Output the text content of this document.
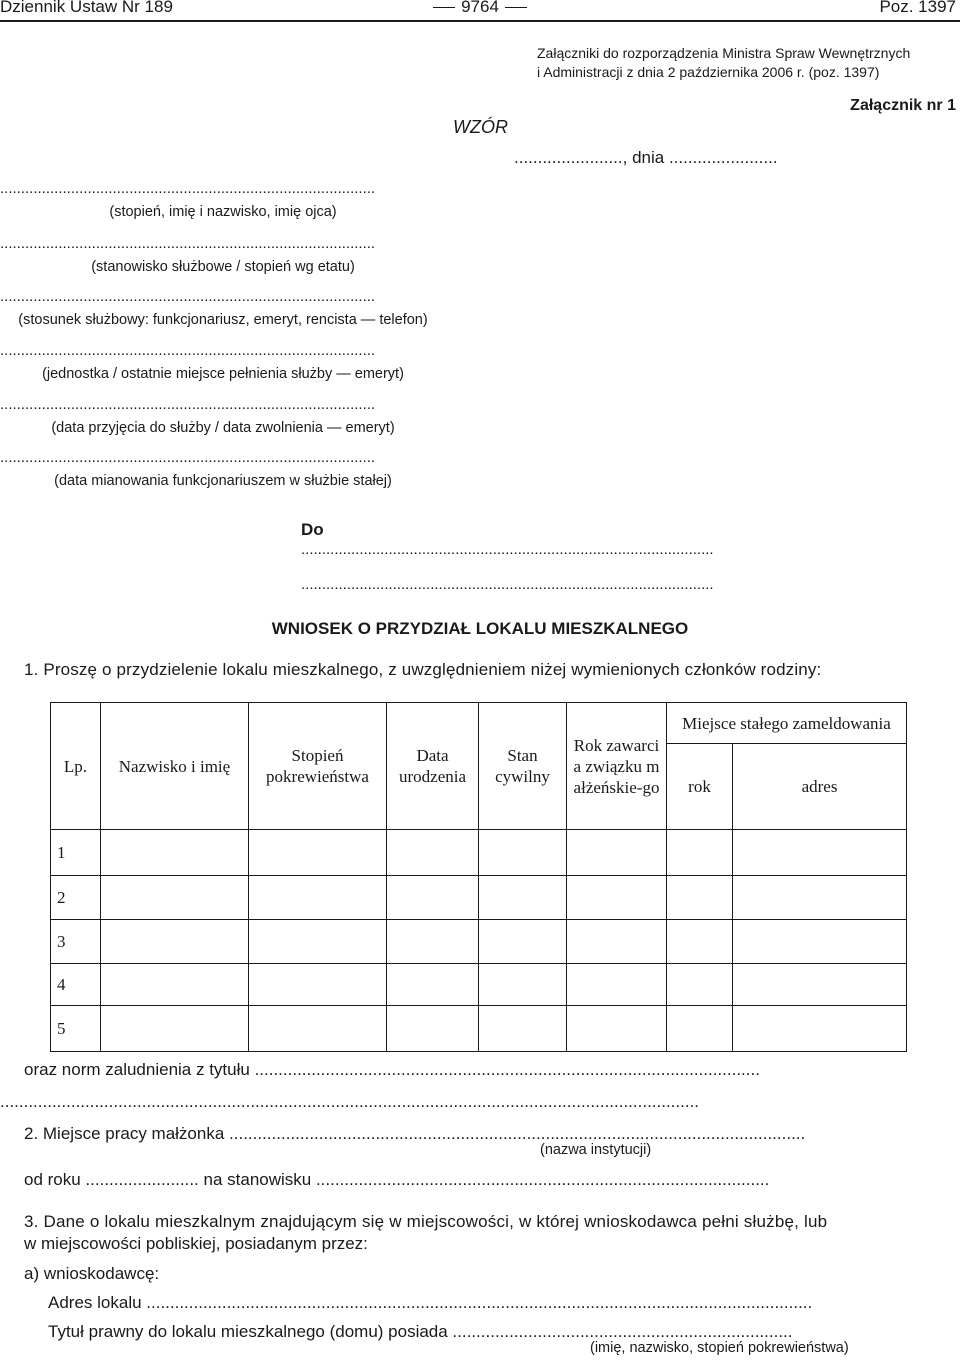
Dziennik Ustaw Nr 189	9764	Poz. 1397
Załączniki do rozporządzenia Ministra Spraw Wewnętrznych
i Administracji z dnia 2 października 2006 r. (poz. 1397)
Załącznik nr 1
WZÓR
......................., dnia .......................
..........................................................................................
(stopień, imię i nazwisko, imię ojca)
..........................................................................................
(stanowisko służbowe / stopień wg etatu)
..........................................................................................
(stosunek służbowy: funkcjonariusz, emeryt, rencista — telefon)
..........................................................................................
(jednostka / ostatnie miejsce pełnienia służby — emeryt)
..........................................................................................
(data przyjęcia do służby / data zwolnienia — emeryt)
..........................................................................................
(data mianowania funkcjonariuszem w służbie stałej)
Do
...................................................................................................
...................................................................................................
WNIOSEK O PRZYDZIAŁ LOKALU MIESZKALNEGO
1. Proszę o przydzielenie lokalu mieszkalnego, z uwzględnieniem niżej wymienionych członków rodziny:
Lp.	Nazwisko i imię	Stopień pokrewieństwa	Data urodzenia	Stan cywilny	Rok zawarcia związku małżeńskie-go	Miejsce stałego zameldowania	
						rok	adres
1							
2							
3							
4							
5							
oraz norm zaludnienia z tytułu ...........................................................................................................
....................................................................................................................................................
2. Miejsce pracy małżonka ..........................................................................................................................
(nazwa instytucji)
od roku ........................ na stanowisku ................................................................................................
3. Dane o lokalu mieszkalnym znajdującym się w miejscowości, w której wnioskodawca pełni służbę, lub
w miejscowości pobliskiej, posiadanym przez:
a) wnioskodawcę:
Adres lokalu .............................................................................................................................................
Tytuł prawny do lokalu mieszkalnego (domu) posiada ........................................................................
(imię, nazwisko, stopień pokrewieństwa)
